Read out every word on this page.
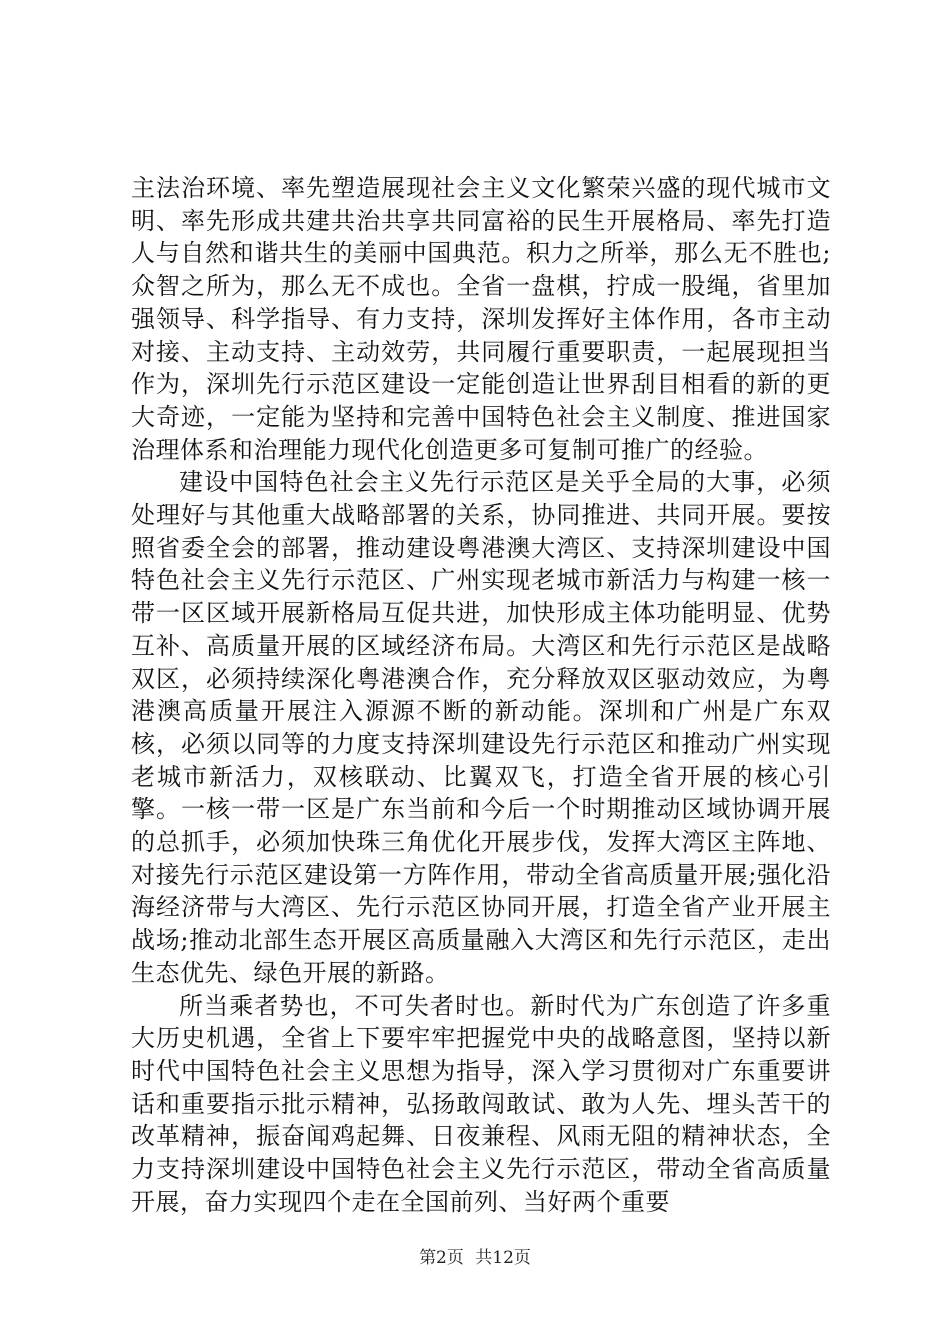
主法治环境、率先塑造展现社会主义文化繁荣兴盛的现代城市文明、率先形成共建共治共享共同富裕的民生开展格局、率先打造人与自然和谐共生的美丽中国典范。积力之所举，那么无不胜也;众智之所为，那么无不成也。全省一盘棋，拧成一股绳，省里加强领导、科学指导、有力支持，深圳发挥好主体作用，各市主动对接、主动支持、主动效劳，共同履行重要职责，一起展现担当作为，深圳先行示范区建设一定能创造让世界刮目相看的新的更大奇迹，一定能为坚持和完善中国特色社会主义制度、推进国家治理体系和治理能力现代化创造更多可复制可推广的经验。

建设中国特色社会主义先行示范区是关乎全局的大事，必须处理好与其他重大战略部署的关系，协同推进、共同开展。要按照省委全会的部署，推动建设粤港澳大湾区、支持深圳建设中国特色社会主义先行示范区、广州实现老城市新活力与构建一核一带一区区域开展新格局互促共进，加快形成主体功能明显、优势互补、高质量开展的区域经济布局。大湾区和先行示范区是战略双区，必须持续深化粤港澳合作，充分释放双区驱动效应，为粤港澳高质量开展注入源源不断的新动能。深圳和广州是广东双核，必须以同等的力度支持深圳建设先行示范区和推动广州实现老城市新活力，双核联动、比翼双飞，打造全省开展的核心引擎。一核一带一区是广东当前和今后一个时期推动区域协调开展的总抓手，必须加快珠三角优化开展步伐，发挥大湾区主阵地、对接先行示范区建设第一方阵作用，带动全省高质量开展;强化沿海经济带与大湾区、先行示范区协同开展，打造全省产业开展主战场;推动北部生态开展区高质量融入大湾区和先行示范区，走出生态优先、绿色开展的新路。

所当乘者势也，不可失者时也。新时代为广东创造了许多重大历史机遇，全省上下要牢牢把握党中央的战略意图，坚持以新时代中国特色社会主义思想为指导，深入学习贯彻对广东重要讲话和重要指示批示精神，弘扬敢闯敢试、敢为人先、埋头苦干的改革精神，振奋闻鸡起舞、日夜兼程、风雨无阻的精神状态，全力支持深圳建设中国特色社会主义先行示范区，带动全省高质量开展，奋力实现四个走在全国前列、当好两个重要

第2页 共12页
